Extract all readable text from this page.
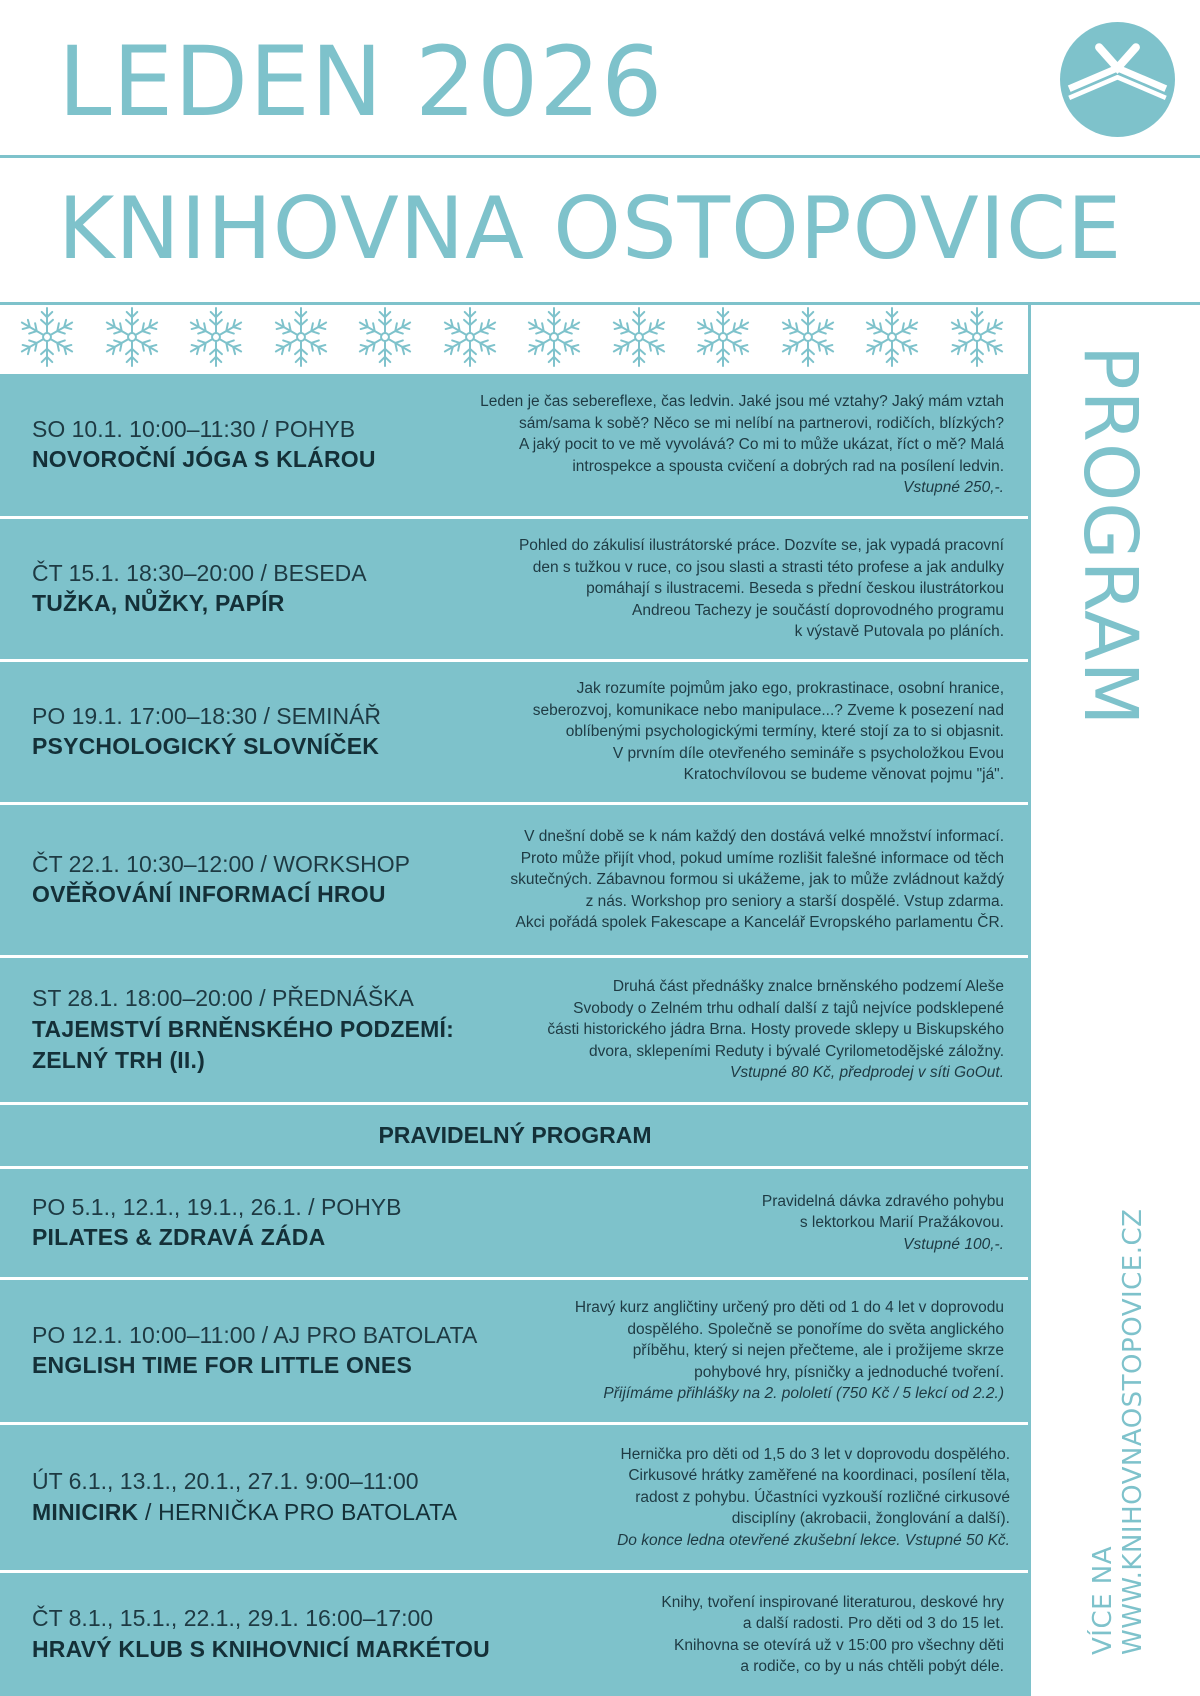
LEDEN 2026
KNIHOVNA OSTOPOVICE
PROGRAM
VÍCE NA
WWW.KNIHOVNAOSTOPOVICE.CZ
SO 10.1. 10:00–11:30 / POHYB
NOVOROČNÍ JÓGA S KLÁROU
Leden je čas sebereflexe, čas ledvin. Jaké jsou mé vztahy? Jaký mám vztah
sám/sama k sobě? Něco se mi nelíbí na partnerovi, rodičích, blízkých?
A jaký pocit to ve mě vyvolává? Co mi to může ukázat, říct o mě? Malá
introspekce a spousta cvičení a dobrých rad na posílení ledvin.
Vstupné 250,-.
ČT 15.1. 18:30–20:00 / BESEDA
TUŽKA, NŮŽKY, PAPÍR
Pohled do zákulisí ilustrátorské práce. Dozvíte se, jak vypadá pracovní
den s tužkou v ruce, co jsou slasti a strasti této profese a jak andulky
pomáhají s ilustracemi. Beseda s přední českou ilustrátorkou
Andreou Tachezy je součástí doprovodného programu
k výstavě Putovala po pláních.
PO 19.1. 17:00–18:30 / SEMINÁŘ
PSYCHOLOGICKÝ SLOVNÍČEK
Jak rozumíte pojmům jako ego, prokrastinace, osobní hranice,
seberozvoj, komunikace nebo manipulace...? Zveme k posezení nad
oblíbenými psychologickými termíny, které stojí za to si objasnit.
V prvním díle otevřeného semináře s psycholožkou Evou
Kratochvílovou se budeme věnovat pojmu "já".
ČT 22.1. 10:30–12:00 / WORKSHOP
OVĚŘOVÁNÍ INFORMACÍ HROU
V dnešní době se k nám každý den dostává velké množství informací.
Proto může přijít vhod, pokud umíme rozlišit falešné informace od těch
skutečných. Zábavnou formou si ukážeme, jak to může zvládnout každý
z nás. Workshop pro seniory a starší dospělé. Vstup zdarma.
Akci pořádá spolek Fakescape a Kancelář Evropského parlamentu ČR.
ST 28.1. 18:00–20:00 / PŘEDNÁŠKA
TAJEMSTVÍ BRNĚNSKÉHO PODZEMÍ:
ZELNÝ TRH (II.)
Druhá část přednášky znalce brněnského podzemí Aleše
Svobody o Zelném trhu odhalí další z tajů nejvíce podsklepené
části historického jádra Brna. Hosty provede sklepy u Biskupského
dvora, sklepeními Reduty i bývalé Cyrilometodějské záložny.
Vstupné 80 Kč, předprodej v síti GoOut.
PRAVIDELNÝ PROGRAM
PO 5.1., 12.1., 19.1., 26.1. / POHYB
PILATES & ZDRAVÁ ZÁDA
Pravidelná dávka zdravého pohybu
s lektorkou Marií Pražákovou.
Vstupné 100,-.
PO 12.1. 10:00–11:00 / AJ PRO BATOLATA
ENGLISH TIME FOR LITTLE ONES
Hravý kurz angličtiny určený pro děti od 1 do 4 let v doprovodu
dospělého. Společně se ponoříme do světa anglického
příběhu, který si nejen přečteme, ale i prožijeme skrze
pohybové hry, písničky a jednoduché tvoření.
Přijímáme přihlášky na 2. pololetí (750 Kč / 5 lekcí od 2.2.)
ÚT 6.1., 13.1., 20.1., 27.1. 9:00–11:00
MINICIRK / HERNIČKA PRO BATOLATA
Hernička pro děti od 1,5 do 3 let v doprovodu dospělého.
Cirkusové hrátky zaměřené na koordinaci, posílení těla,
radost z pohybu. Účastníci vyzkouší rozličné cirkusové
disciplíny (akrobacii, žonglování a další).
Do konce ledna otevřené zkušební lekce. Vstupné 50 Kč.
ČT 8.1., 15.1., 22.1., 29.1. 16:00–17:00
HRAVÝ KLUB S KNIHOVNICÍ MARKÉTOU
Knihy, tvoření inspirované literaturou, deskové hry
a další radosti. Pro děti od 3 do 15 let.
Knihovna se otevírá už v 15:00 pro všechny děti
a rodiče, co by u nás chtěli pobýt déle.
